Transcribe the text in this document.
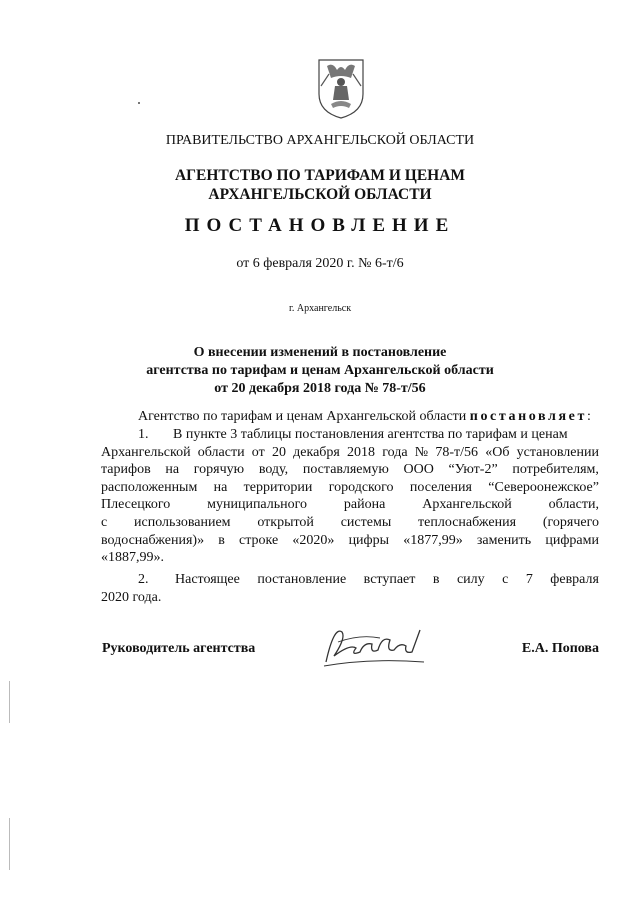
ПРАВИТЕЛЬСТВО АРХАНГЕЛЬСКОЙ ОБЛАСТИ
АГЕНТСТВО ПО ТАРИФАМ И ЦЕНАМ
АРХАНГЕЛЬСКОЙ ОБЛАСТИ
ПОСТАНОВЛЕНИЕ
от 6 февраля 2020 г. № 6-т/6
г. Архангельск
О внесении изменений в постановление
агентства по тарифам и ценам Архангельской области
от 20 декабря 2018 года № 78-т/56
Агентство по тарифам и ценам Архангельской области постановляет:
1. В пункте 3 таблицы постановления агентства по тарифам и ценам
Архангельской области от 20 декабря 2018 года № 78-т/56 «Об установлении
тарифов на горячую воду, поставляемую ООО “Уют-2” потребителям,
расположенным на территории городского поселения “Североонежское”
Плесецкого	муниципального	района	Архангельской	области,
с использованием открытой системы теплоснабжения (горячего
водоснабжения)» в строке «2020» цифры «1877,99» заменить цифрами
«1887,99».
2.	Настоящее постановление вступает в силу с 7 февраля
2020 года.
Руководитель агентства	Е.А. Попова
